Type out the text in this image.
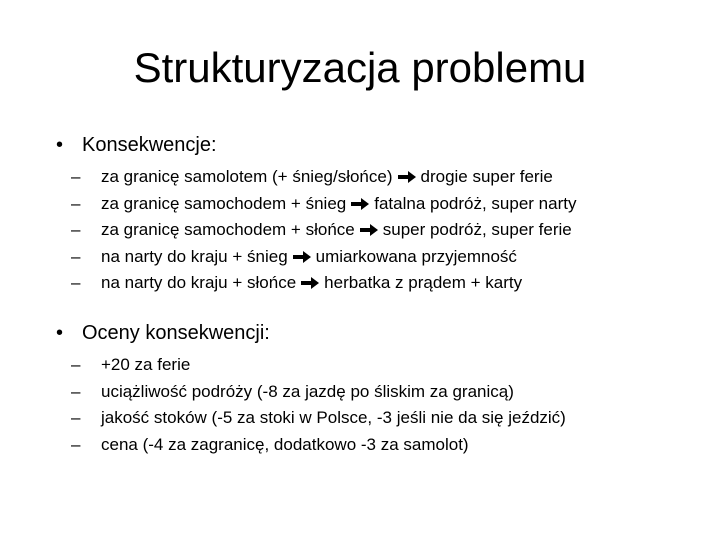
Strukturyzacja problemu
• Konsekwencje:
–	za granicę samolotem (+ śnieg/słońce) drogie super ferie
–	za granicę samochodem + śnieg fatalna podróż, super narty
–	za granicę samochodem + słońce super podróż, super ferie
–	na narty do kraju + śnieg umiarkowana przyjemność
–	na narty do kraju + słońce herbatka z prądem + karty
• Oceny konsekwencji:
–	+20 za ferie
–	uciążliwość podróży (-8 za jazdę po śliskim za granicą)
–	jakość stoków (-5 za stoki w Polsce, -3 jeśli nie da się jeździć)
–	cena (-4 za zagranicę, dodatkowo -3 za samolot)
